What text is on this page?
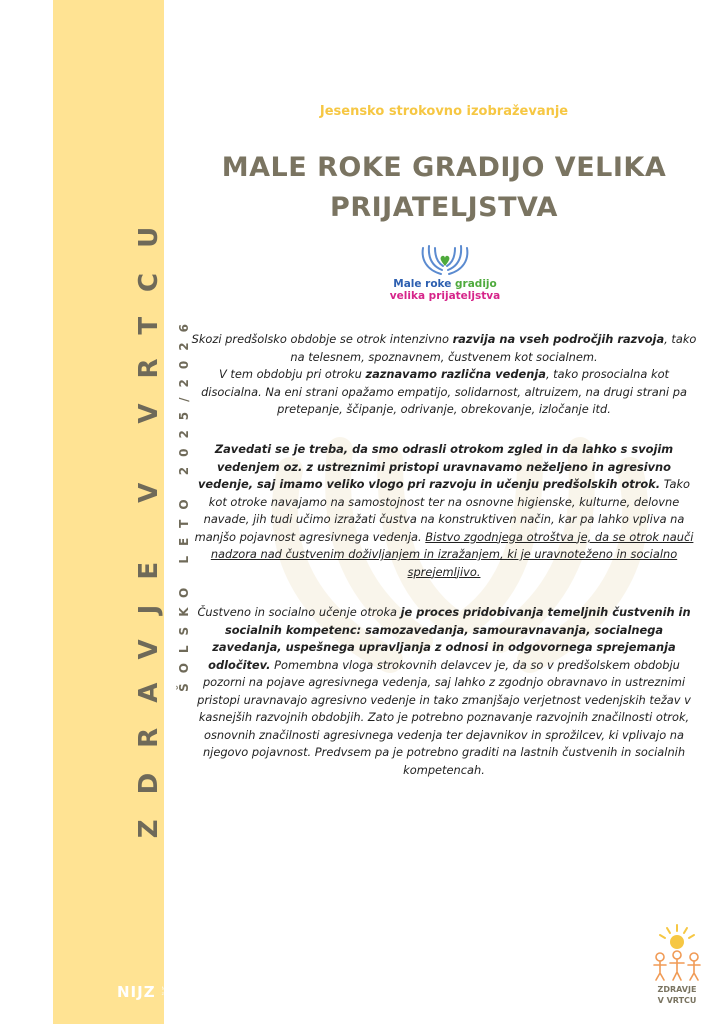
ZDRAVJE V VRTCU ŠOLSKO LETO 2025/2026
NIJZ Nacionalni inštitut za javno zdravje
Jesensko strokovno izobraževanje
MALE ROKE GRADIJO VELIKA
PRIJATELJSTVA
Male roke gradijo
velika prijateljstva
Skozi predšolsko obdobje se otrok intenzivno razvija na vseh področjih razvoja, tako na telesnem, spoznavnem, čustvenem kot socialnem.
V tem obdobju pri otroku zaznavamo različna vedenja, tako prosocialna kot disocialna. Na eni strani opažamo empatijo, solidarnost, altruizem, na drugi strani pa pretepanje, ščipanje, odrivanje, obrekovanje, izločanje itd.
Zavedati se je treba, da smo odrasli otrokom zgled in da lahko s svojim vedenjem oz. z ustreznimi pristopi uravnavamo neželjeno in agresivno vedenje, saj imamo veliko vlogo pri razvoju in učenju predšolskih otrok. Tako kot otroke navajamo na samostojnost ter na osnovne higienske, kulturne, delovne navade, jih tudi učimo izražati čustva na konstruktiven način, kar pa lahko vpliva na manjšo pojavnost agresivnega vedenja. Bistvo zgodnjega otroštva je, da se otrok nauči nadzora nad čustvenim doživljanjem in izražanjem, ki je uravnoteženo in socialno sprejemljivo.
Čustveno in socialno učenje otroka je proces pridobivanja temeljnih čustvenih in socialnih kompetenc: samozavedanja, samouravnavanja, socialnega zavedanja, uspešnega upravljanja z odnosi in odgovornega sprejemanja odločitev. Pomembna vloga strokovnih delavcev je, da so v predšolskem obdobju pozorni na pojave agresivnega vedenja, saj lahko z zgodnjo obravnavo in ustreznimi pristopi uravnavajo agresivno vedenje in tako zmanjšajo verjetnost vedenjskih težav v kasnejših razvojnih obdobjih. Zato je potrebno poznavanje razvojnih značilnosti otrok, osnovnih značilnosti agresivnega vedenja ter dejavnikov in sprožilcev, ki vplivajo na njegovo pojavnost. Predvsem pa je potrebno graditi na lastnih čustvenih in socialnih kompetencah.
ZDRAVJE
V VRTCU
